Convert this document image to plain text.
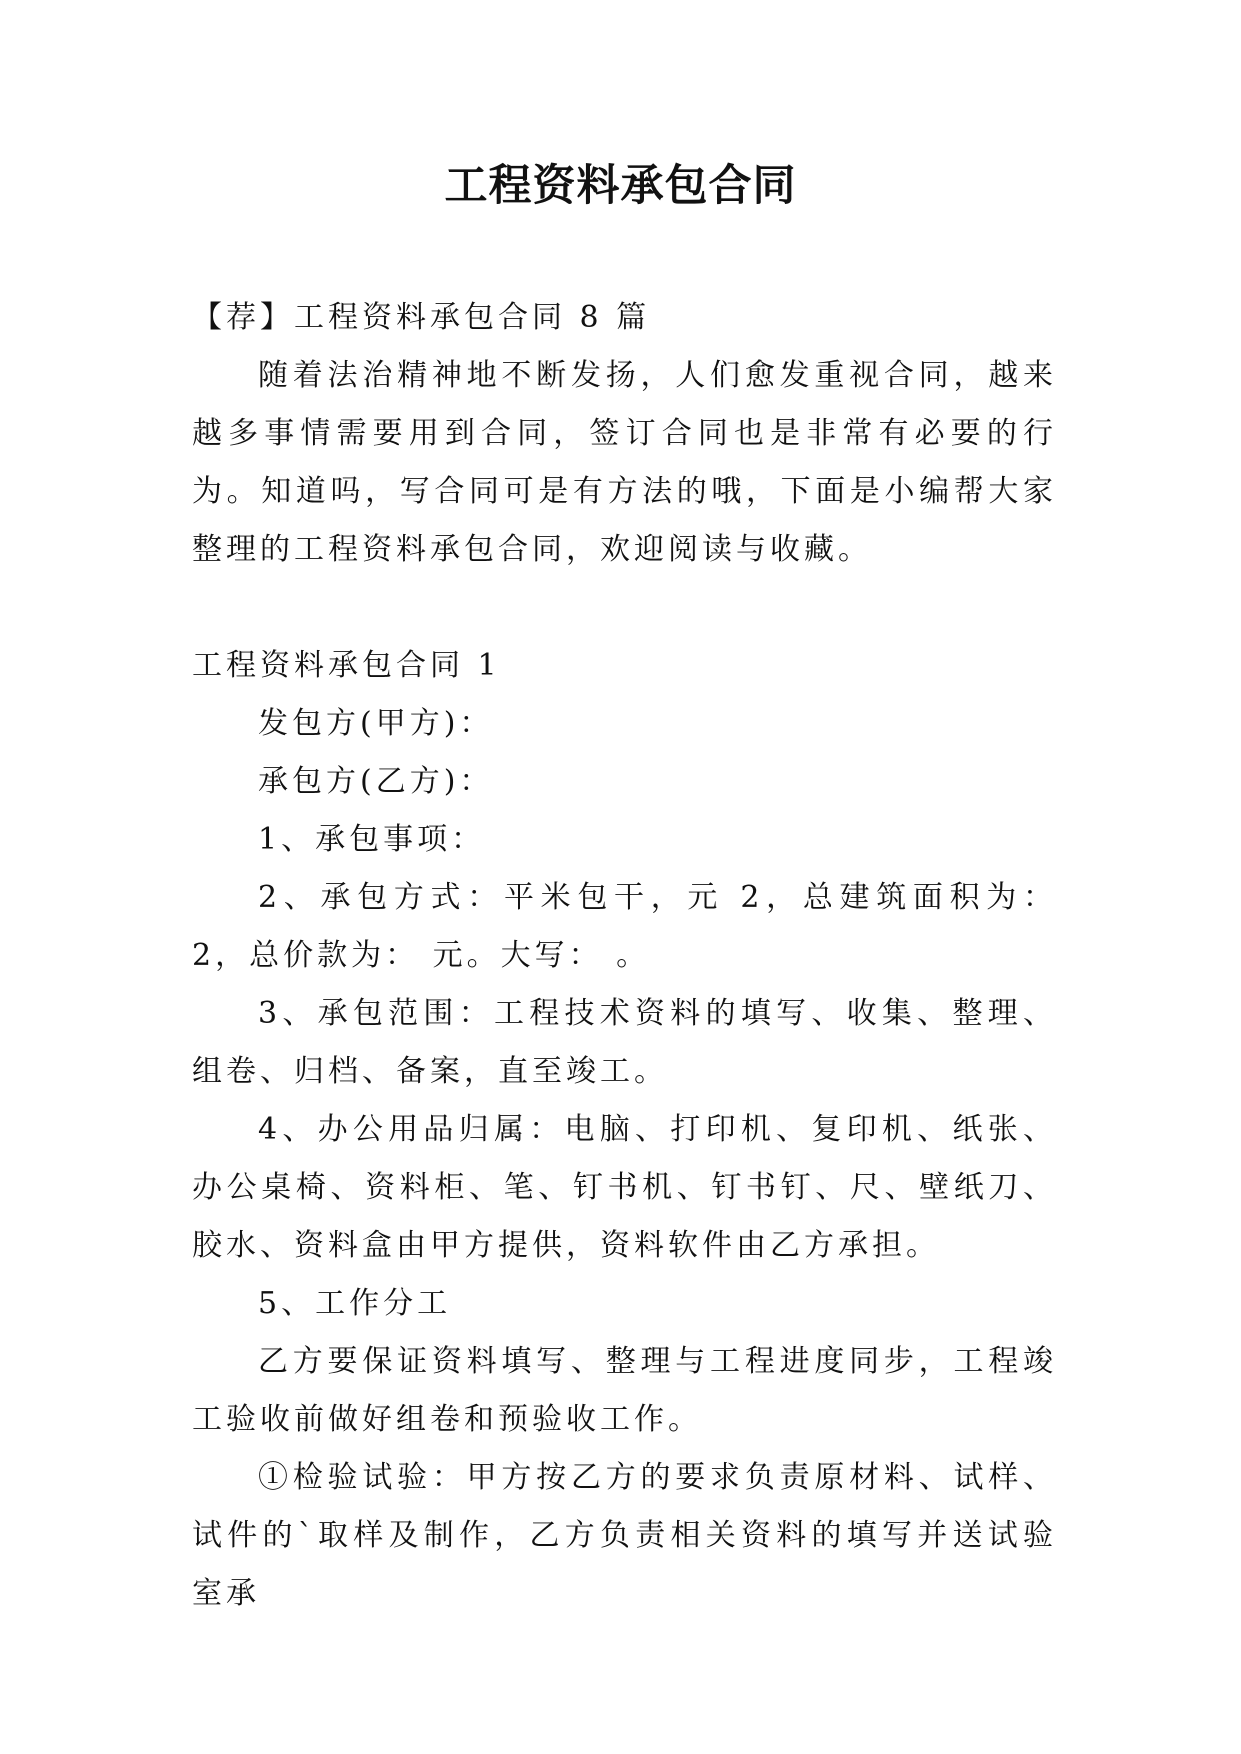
工程资料承包合同

【荐】工程资料承包合同 8 篇

随着法治精神地不断发扬，人们愈发重视合同，越来越多事情需要用到合同，签订合同也是非常有必要的行为。知道吗，写合同可是有方法的哦，下面是小编帮大家整理的工程资料承包合同，欢迎阅读与收藏。

工程资料承包合同 1

发包方(甲方)：

承包方(乙方)：

1、承包事项：

2、承包方式：平米包干，元 2，总建筑面积为： 2，总价款为： 元。大写： 。

3、承包范围：工程技术资料的填写、收集、整理、组卷、归档、备案，直至竣工。

4、办公用品归属：电脑、打印机、复印机、纸张、办公桌椅、资料柜、笔、钉书机、钉书钉、尺、壁纸刀、胶水、资料盒由甲方提供，资料软件由乙方承担。

5、工作分工

乙方要保证资料填写、整理与工程进度同步，工程竣工验收前做好组卷和预验收工作。

①检验试验：甲方按乙方的要求负责原材料、试样、试件的`取样及制作，乙方负责相关资料的填写并送试验室承
